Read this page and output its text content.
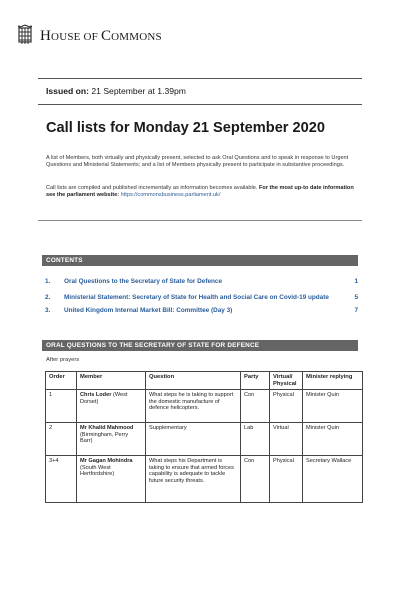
HOUSE OF COMMONS
Issued on: 21 September at 1.39pm
Call lists for Monday 21 September 2020
A list of Members, both virtually and physically present, selected to ask Oral Questions and to speak in response to Urgent Questions and Ministerial Statements; and a list of Members physically present to participate in substantive proceedings.
Call lists are compiled and published incrementally as information becomes available. For the most up-to date information see the parliament website: https://commonsbusiness.parliament.uk/
CONTENTS
1.	Oral Questions to the Secretary of State for Defence	1
2.	Ministerial Statement: Secretary of State for Health and Social Care on Covid-19 update	5
3.	United Kingdom Internal Market Bill: Committee (Day 3)	7
ORAL QUESTIONS TO THE SECRETARY OF STATE FOR DEFENCE
After prayers
Order	Member	Question	Party	Virtual/ Physical	Minister replying
1	Chris Loder (West Dorset)	What steps he is taking to support the domestic manufacture of defence helicopters.	Con	Physical	Minister Quin
2	Mr Khalid Mahmood (Birmingham, Perry Barr)	Supplementary	Lab	Virtual	Minister Quin
3+4	Mr Gagan Mohindra (South West Hertfordshire)	What steps his Department is taking to ensure that armed forces capability is adequate to tackle future security threats.	Con	Physical	Secretary Wallace
